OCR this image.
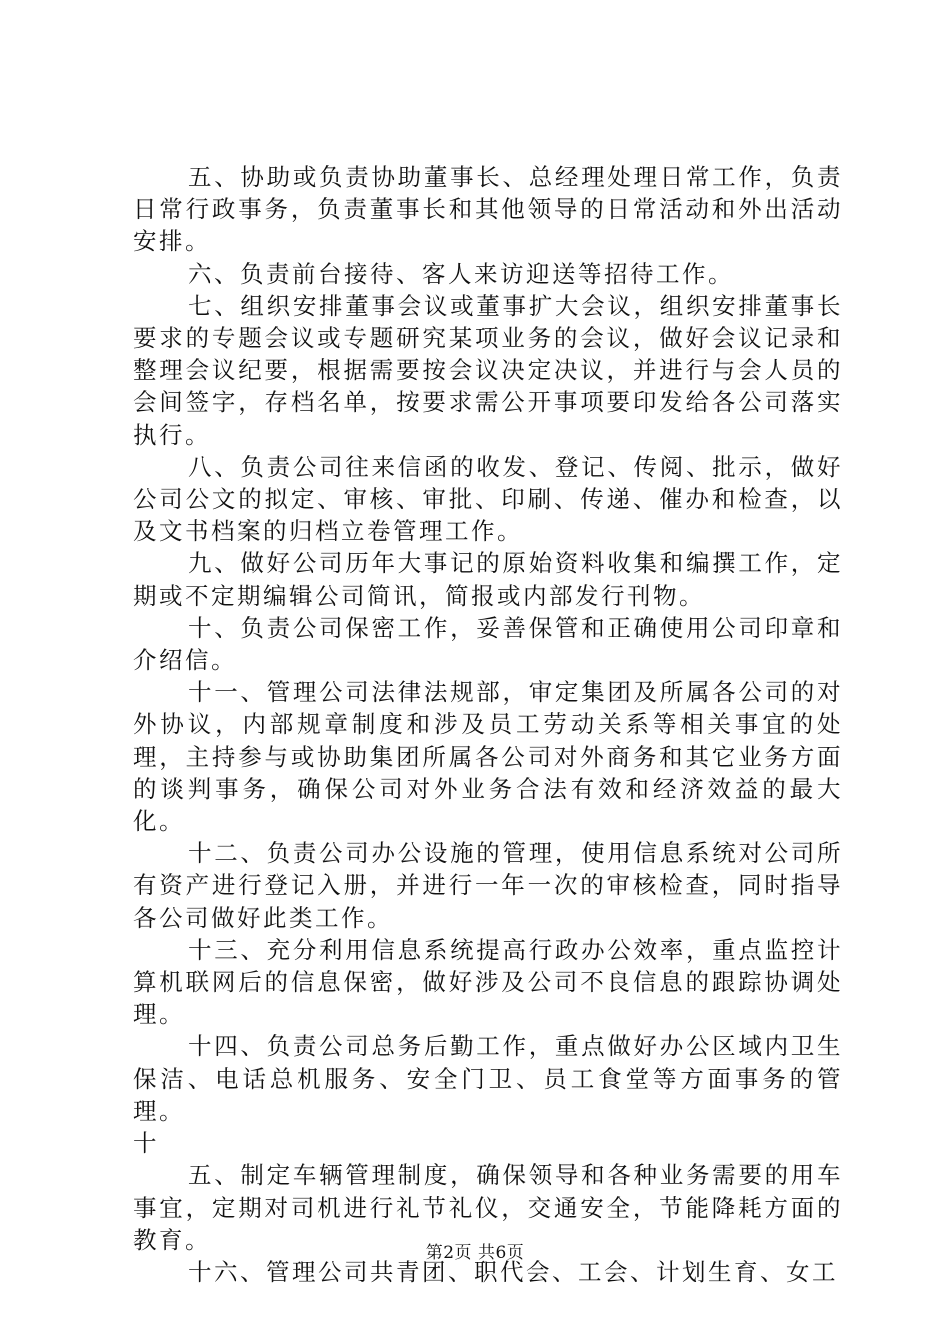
五、协助或负责协助董事长、总经理处理日常工作，负责日常行政事务，负责董事长和其他领导的日常活动和外出活动安排。

六、负责前台接待、客人来访迎送等招待工作。

七、组织安排董事会议或董事扩大会议，组织安排董事长要求的专题会议或专题研究某项业务的会议，做好会议记录和整理会议纪要，根据需要按会议决定决议，并进行与会人员的会间签字，存档名单，按要求需公开事项要印发给各公司落实执行。

八、负责公司往来信函的收发、登记、传阅、批示，做好公司公文的拟定、审核、审批、印刷、传递、催办和检查，以及文书档案的归档立卷管理工作。

九、做好公司历年大事记的原始资料收集和编撰工作，定期或不定期编辑公司简讯，简报或内部发行刊物。

十、负责公司保密工作，妥善保管和正确使用公司印章和介绍信。

十一、管理公司法律法规部，审定集团及所属各公司的对外协议，内部规章制度和涉及员工劳动关系等相关事宜的处理，主持参与或协助集团所属各公司对外商务和其它业务方面的谈判事务，确保公司对外业务合法有效和经济效益的最大化。

十二、负责公司办公设施的管理，使用信息系统对公司所有资产进行登记入册，并进行一年一次的审核检查，同时指导各公司做好此类工作。

十三、充分利用信息系统提高行政办公效率，重点监控计算机联网后的信息保密，做好涉及公司不良信息的跟踪协调处理。

十四、负责公司总务后勤工作，重点做好办公区域内卫生保洁、电话总机服务、安全门卫、员工食堂等方面事务的管理。

十

五、制定车辆管理制度，确保领导和各种业务需要的用车事宜，定期对司机进行礼节礼仪，交通安全，节能降耗方面的教育。

十六、管理公司共青团、职代会、工会、计划生育、女工

第2页 共6页
